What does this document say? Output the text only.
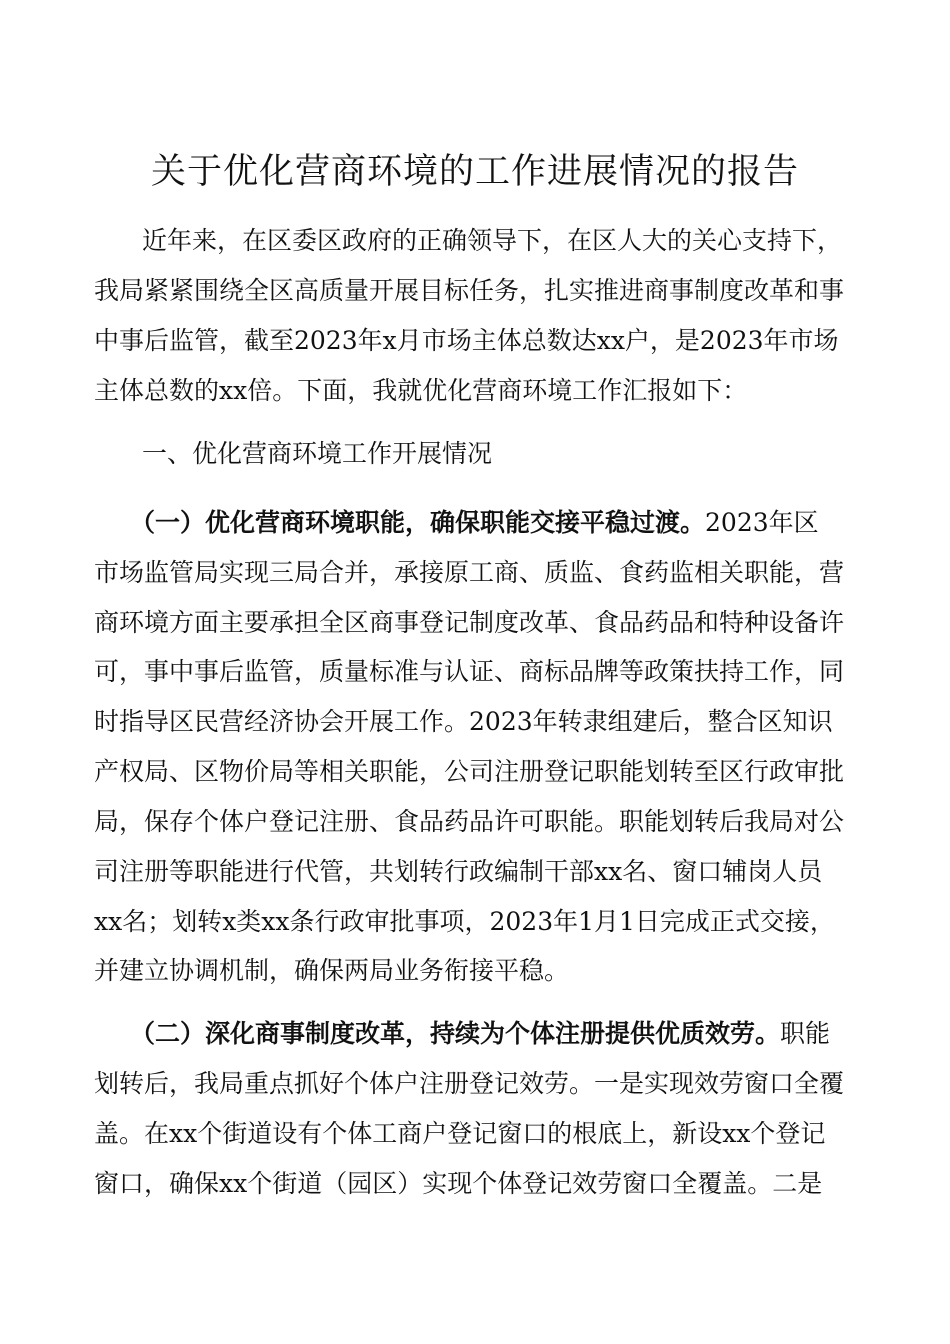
关于优化营商环境的工作进展情况的报告
近年来，在区委区政府的正确领导下，在区人大的关心支持下，
我局紧紧围绕全区高质量开展目标任务，扎实推进商事制度改革和事
中事后监管，截至2023年x月市场主体总数达xx户，是2023年市场
主体总数的xx倍。下面，我就优化营商环境工作汇报如下：
一、优化营商环境工作开展情况
（一）优化营商环境职能，确保职能交接平稳过渡。2023年区
市场监管局实现三局合并，承接原工商、质监、食药监相关职能，营
商环境方面主要承担全区商事登记制度改革、食品药品和特种设备许
可，事中事后监管，质量标准与认证、商标品牌等政策扶持工作，同
时指导区民营经济协会开展工作。2023年转隶组建后，整合区知识
产权局、区物价局等相关职能，公司注册登记职能划转至区行政审批
局，保存个体户登记注册、食品药品许可职能。职能划转后我局对公
司注册等职能进行代管，共划转行政编制干部xx名、窗口辅岗人员
xx名；划转x类xx条行政审批事项，2023年1月1日完成正式交接，
并建立协调机制，确保两局业务衔接平稳。
（二）深化商事制度改革，持续为个体注册提供优质效劳。职能
划转后，我局重点抓好个体户注册登记效劳。一是实现效劳窗口全覆
盖。在xx个街道设有个体工商户登记窗口的根底上，新设xx个登记
窗口，确保xx个街道（园区）实现个体登记效劳窗口全覆盖。二是
